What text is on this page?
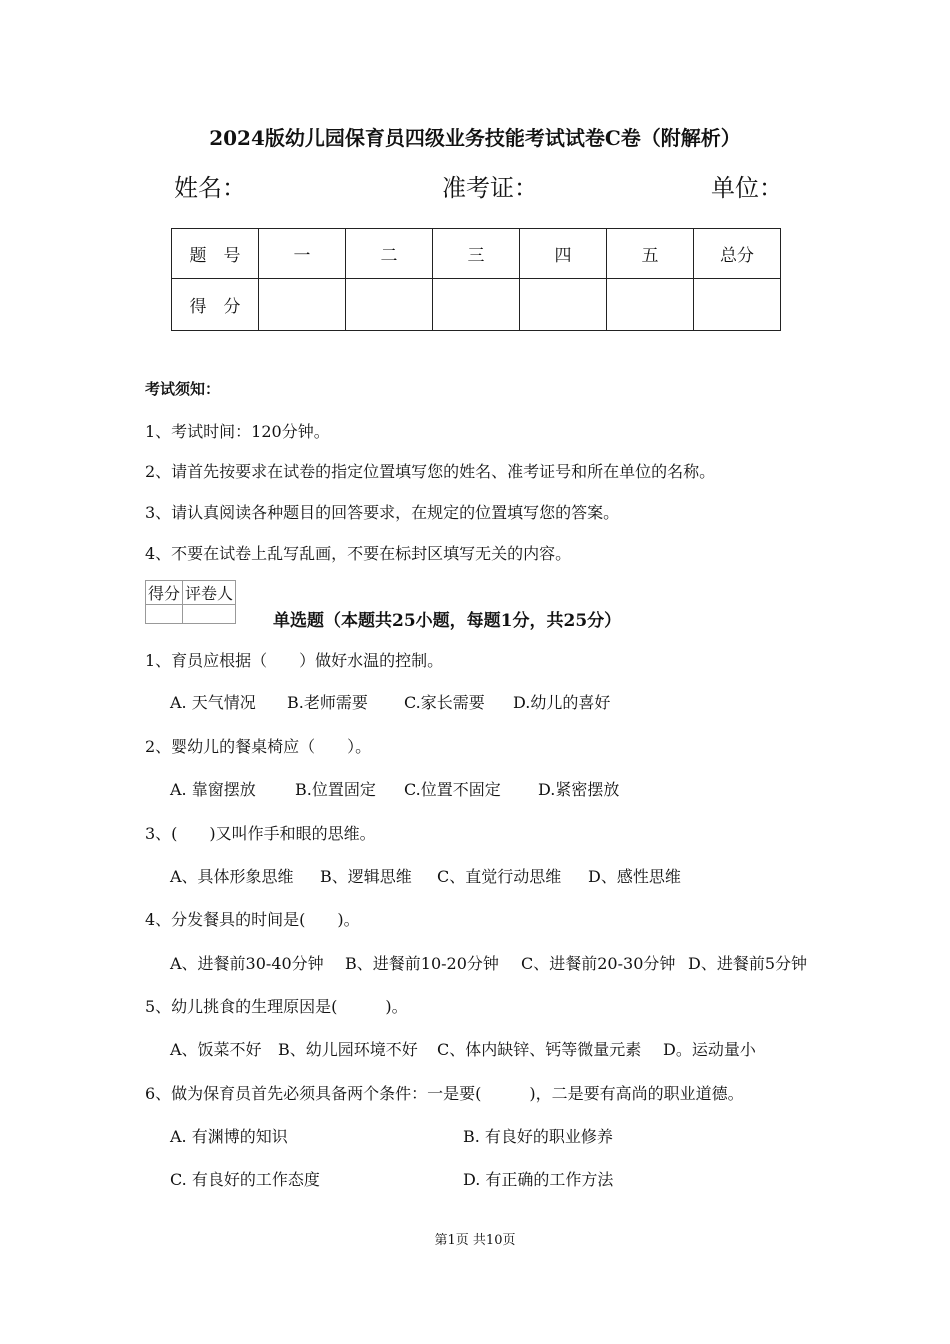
2024版幼儿园保育员四级业务技能考试试卷C卷（附解析）
姓名：	准考证：	单位：
题　号	一	二	三	四	五	总分
得　分						
考试须知：
1、考试时间：120分钟。
2、请首先按要求在试卷的指定位置填写您的姓名、准考证号和所在单位的名称。
3、请认真阅读各种题目的回答要求，在规定的位置填写您的答案。
4、不要在试卷上乱写乱画，不要在标封区填写无关的内容。
得分	评卷人

单选题（本题共25小题，每题1分，共25分）
1、育员应根据（　　）做好水温的控制。
A. 天气情况 B.老师需要 C.家长需要 D.幼儿的喜好
2、婴幼儿的餐桌椅应（　　）。
A. 靠窗摆放 B.位置固定 C.位置不固定 D.紧密摆放
3、(　　)又叫作手和眼的思维。
A、具体形象思维 B、逻辑思维 C、直觉行动思维 D、感性思维
4、分发餐具的时间是(　　)。
A、进餐前30-40分钟 B、进餐前10-20分钟 C、进餐前20-30分钟 D、进餐前5分钟
5、幼儿挑食的生理原因是(　　　)。
A、饭菜不好 B、幼儿园环境不好 C、体内缺锌、钙等微量元素 D。运动量小
6、做为保育员首先必须具备两个条件：一是要(　　　)，二是要有高尚的职业道德。
A. 有渊博的知识	B. 有良好的职业修养
C. 有良好的工作态度	D. 有正确的工作方法
第1页 共10页
